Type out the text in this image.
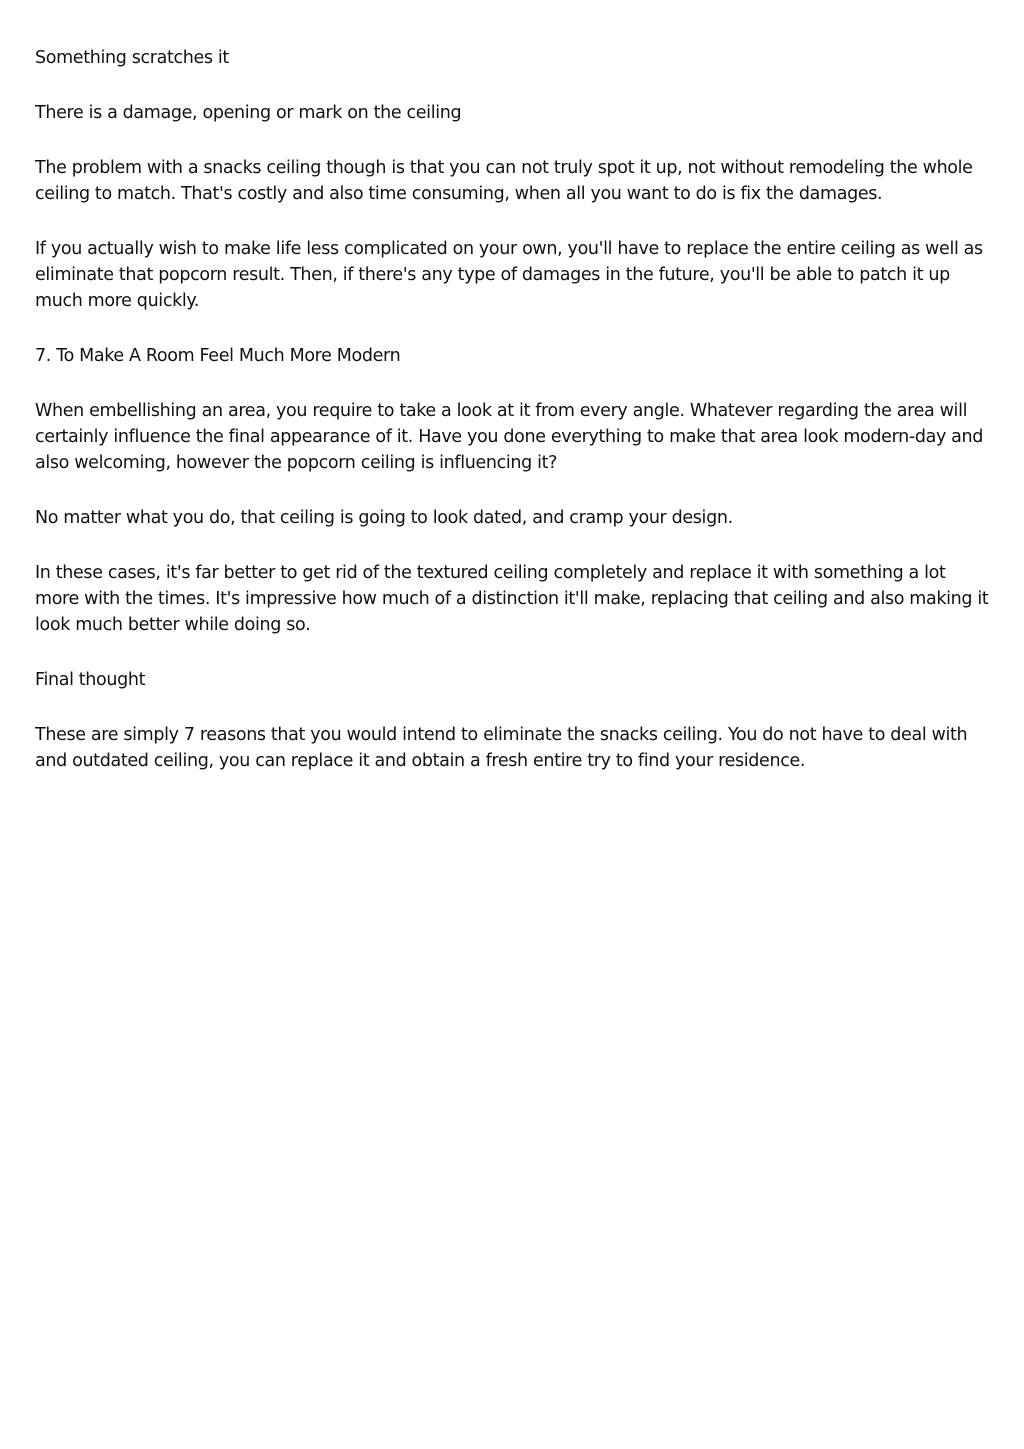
Something scratches it

There is a damage, opening or mark on the ceiling

The problem with a snacks ceiling though is that you can not truly spot it up, not without remodeling the whole ceiling to match. That's costly and also time consuming, when all you want to do is fix the damages.

If you actually wish to make life less complicated on your own, you'll have to replace the entire ceiling as well as eliminate that popcorn result. Then, if there's any type of damages in the future, you'll be able to patch it up much more quickly.

7. To Make A Room Feel Much More Modern

When embellishing an area, you require to take a look at it from every angle. Whatever regarding the area will certainly influence the final appearance of it. Have you done everything to make that area look modern-day and also welcoming, however the popcorn ceiling is influencing it?

No matter what you do, that ceiling is going to look dated, and cramp your design.

In these cases, it's far better to get rid of the textured ceiling completely and replace it with something a lot more with the times. It's impressive how much of a distinction it'll make, replacing that ceiling and also making it look much better while doing so.

Final thought

These are simply 7 reasons that you would intend to eliminate the snacks ceiling. You do not have to deal with and outdated ceiling, you can replace it and obtain a fresh entire try to find your residence.
